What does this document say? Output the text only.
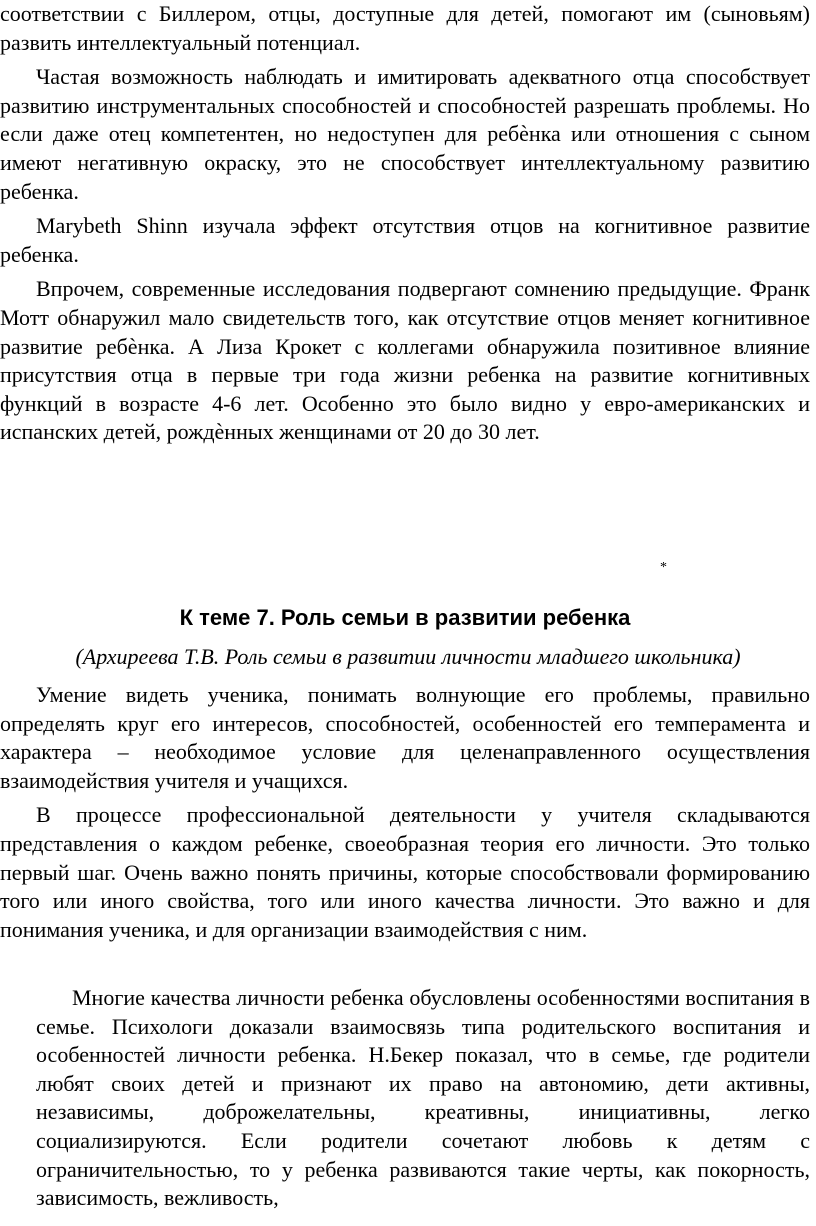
соответствии с Биллером, отцы, доступные для детей, помогают им (сыновьям) развить интеллектуальный потенциал.

Частая возможность наблюдать и имитировать адекватного отца способствует развитию инструментальных способностей и способностей разрешать проблемы. Но если даже отец компетентен, но недоступен для ребѐнка или отношения с сыном имеют негативную окраску, это не способствует интеллектуальному развитию ребенка.

Marybeth Shinn изучала эффект отсутствия отцов на когнитивное развитие ребенка.

Впрочем, современные исследования подвергают сомнению предыдущие. Франк Мотт обнаружил мало свидетельств того, как отсутствие отцов меняет когнитивное развитие ребѐнка. А Лиза Крокет с коллегами обнаружила позитивное влияние присутствия отца в первые три года жизни ребенка на развитие когнитивных функций в возрасте 4-6 лет. Особенно это было видно у евро-американских и испанских детей, рождѐнных женщинами от 20 до 30 лет.

*
К теме 7. Роль семьи в развитии ребенка

(Архиреева Т.В. Роль семьи в развитии личности младшего школьника)

Умение видеть ученика, понимать волнующие его проблемы, правильно определять круг его интересов, способностей, особенностей его темперамента и характера – необходимое условие для целенаправленного осуществления взаимодействия учителя и учащихся.

В процессе профессиональной деятельности у учителя складываются представления о каждом ребенке, своеобразная теория его личности. Это только первый шаг. Очень важно понять причины, которые способствовали формированию того или иного свойства, того или иного качества личности. Это важно и для понимания ученика, и для организации взаимодействия с ним.

Многие качества личности ребенка обусловлены особенностями воспитания в семье. Психологи доказали взаимосвязь типа родительского воспитания и особенностей личности ребенка. Н.Бекер показал, что в семье, где родители любят своих детей и признают их право на автономию, дети активны, независимы, доброжелательны, креативны, инициативны, легко социализируются. Если родители сочетают любовь к детям с ограничительностью, то у ребенка развиваются такие черты, как покорность, зависимость, вежливость,
